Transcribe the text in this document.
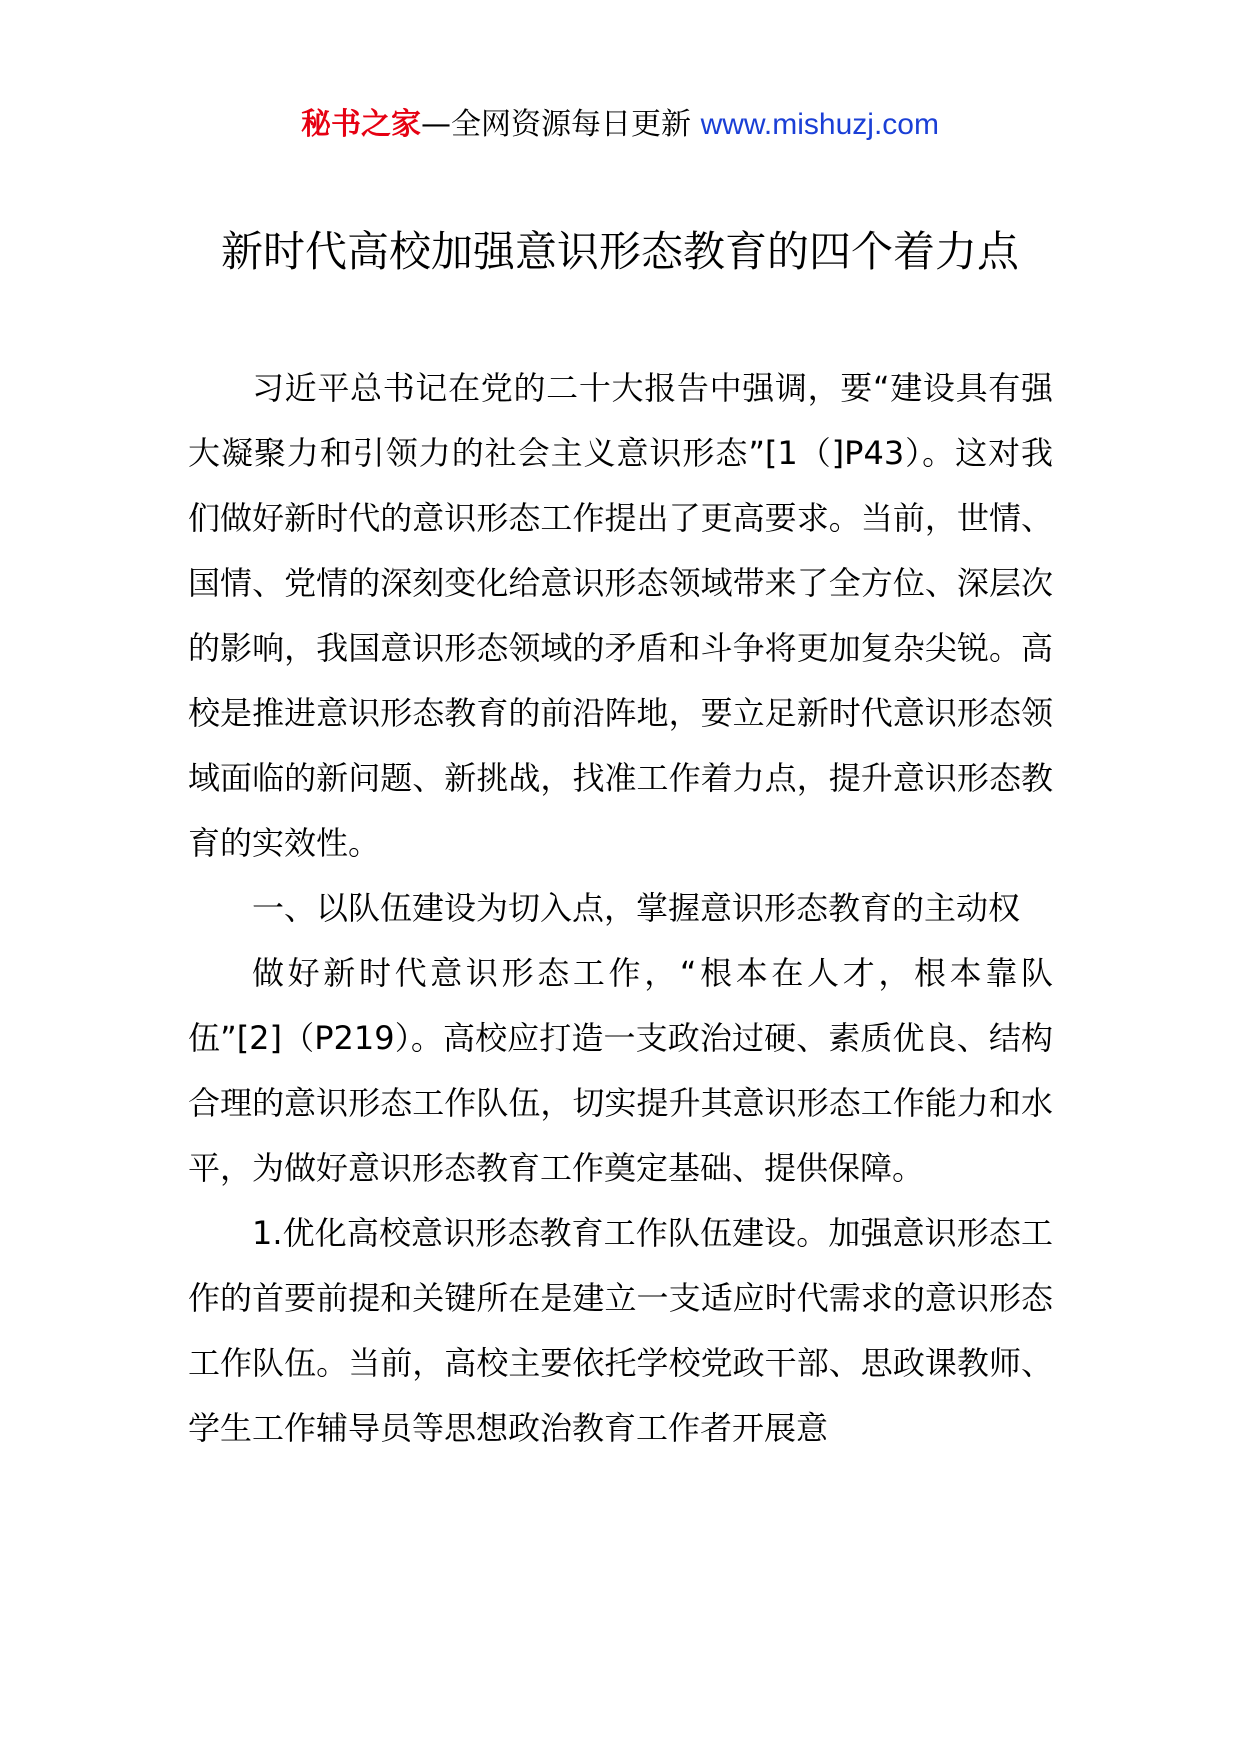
秘书之家—全网资源每日更新 www.mishuzj.com
新时代高校加强意识形态教育的四个着力点

习近平总书记在党的二十大报告中强调，要“建设具有强大凝聚力和引领力的社会主义意识形态”[1（]P43）。这对我们做好新时代的意识形态工作提出了更高要求。当前，世情、国情、党情的深刻变化给意识形态领域带来了全方位、深层次的影响，我国意识形态领域的矛盾和斗争将更加复杂尖锐。高校是推进意识形态教育的前沿阵地，要立足新时代意识形态领域面临的新问题、新挑战，找准工作着力点，提升意识形态教育的实效性。

一、以队伍建设为切入点，掌握意识形态教育的主动权

做好新时代意识形态工作，“根本在人才，根本靠队伍”[2]（P219）。高校应打造一支政治过硬、素质优良、结构合理的意识形态工作队伍，切实提升其意识形态工作能力和水平，为做好意识形态教育工作奠定基础、提供保障。

1.优化高校意识形态教育工作队伍建设。加强意识形态工作的首要前提和关键所在是建立一支适应时代需求的意识形态工作队伍。当前，高校主要依托学校党政干部、思政课教师、学生工作辅导员等思想政治教育工作者开展意
